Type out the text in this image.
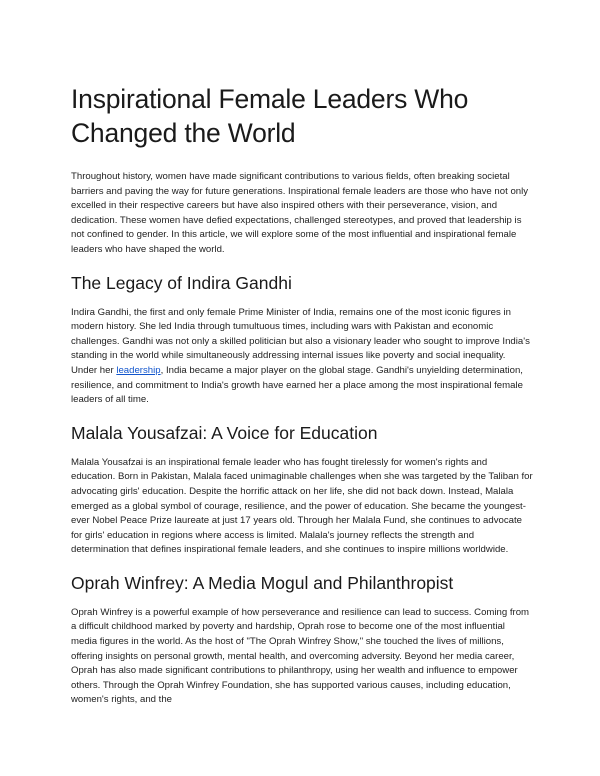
Inspirational Female Leaders Who Changed the World

Throughout history, women have made significant contributions to various fields, often breaking societal barriers and paving the way for future generations. Inspirational female leaders are those who have not only excelled in their respective careers but have also inspired others with their perseverance, vision, and dedication. These women have defied expectations, challenged stereotypes, and proved that leadership is not confined to gender. In this article, we will explore some of the most influential and inspirational female leaders who have shaped the world.

The Legacy of Indira Gandhi

Indira Gandhi, the first and only female Prime Minister of India, remains one of the most iconic figures in modern history. She led India through tumultuous times, including wars with Pakistan and economic challenges. Gandhi was not only a skilled politician but also a visionary leader who sought to improve India's standing in the world while simultaneously addressing internal issues like poverty and social inequality. Under her leadership, India became a major player on the global stage. Gandhi's unyielding determination, resilience, and commitment to India's growth have earned her a place among the most inspirational female leaders of all time.

Malala Yousafzai: A Voice for Education

Malala Yousafzai is an inspirational female leader who has fought tirelessly for women's rights and education. Born in Pakistan, Malala faced unimaginable challenges when she was targeted by the Taliban for advocating girls' education. Despite the horrific attack on her life, she did not back down. Instead, Malala emerged as a global symbol of courage, resilience, and the power of education. She became the youngest-ever Nobel Peace Prize laureate at just 17 years old. Through her Malala Fund, she continues to advocate for girls' education in regions where access is limited. Malala's journey reflects the strength and determination that defines inspirational female leaders, and she continues to inspire millions worldwide.

Oprah Winfrey: A Media Mogul and Philanthropist

Oprah Winfrey is a powerful example of how perseverance and resilience can lead to success. Coming from a difficult childhood marked by poverty and hardship, Oprah rose to become one of the most influential media figures in the world. As the host of "The Oprah Winfrey Show," she touched the lives of millions, offering insights on personal growth, mental health, and overcoming adversity. Beyond her media career, Oprah has also made significant contributions to philanthropy, using her wealth and influence to empower others. Through the Oprah Winfrey Foundation, she has supported various causes, including education, women's rights, and the
